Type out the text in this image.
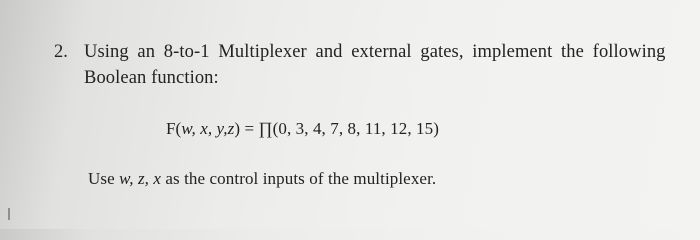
2. Using an 8-to-1 Multiplexer and external gates, implement the following
Boolean function:
F(w, x, y,z) = ∏(0, 3, 4, 7, 8, 11, 12, 15)
Use w, z, x as the control inputs of the multiplexer.
